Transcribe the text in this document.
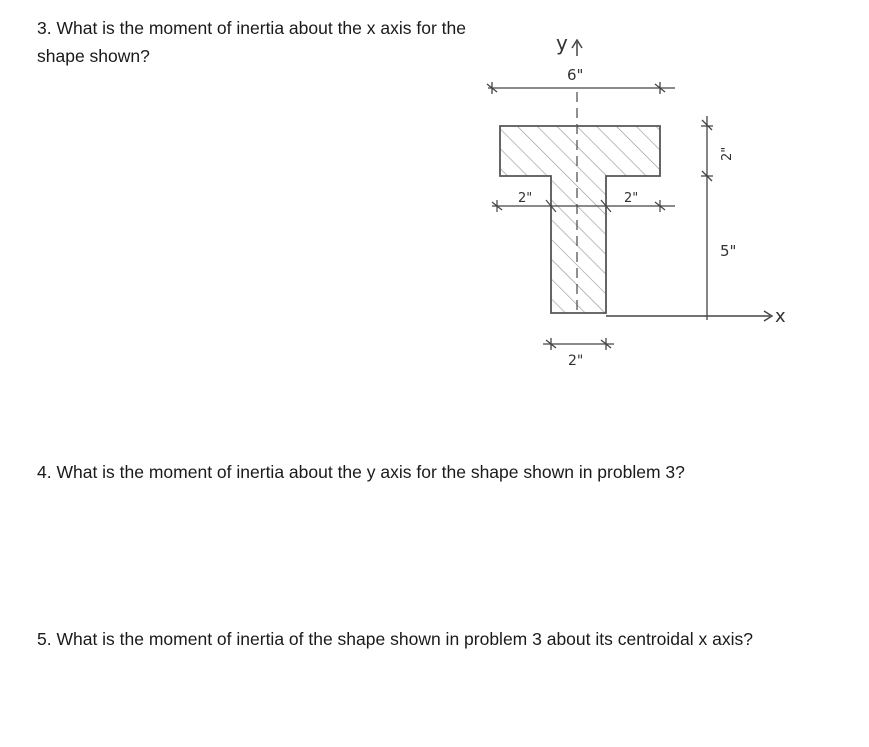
3. What is the moment of inertia about the x axis for the shape shown?

y
6"
2"	2"
2"
5"
x
2"

4. What is the moment of inertia about the y axis for the shape shown in problem 3?

5. What is the moment of inertia of the shape shown in problem 3 about its centroidal x axis?
